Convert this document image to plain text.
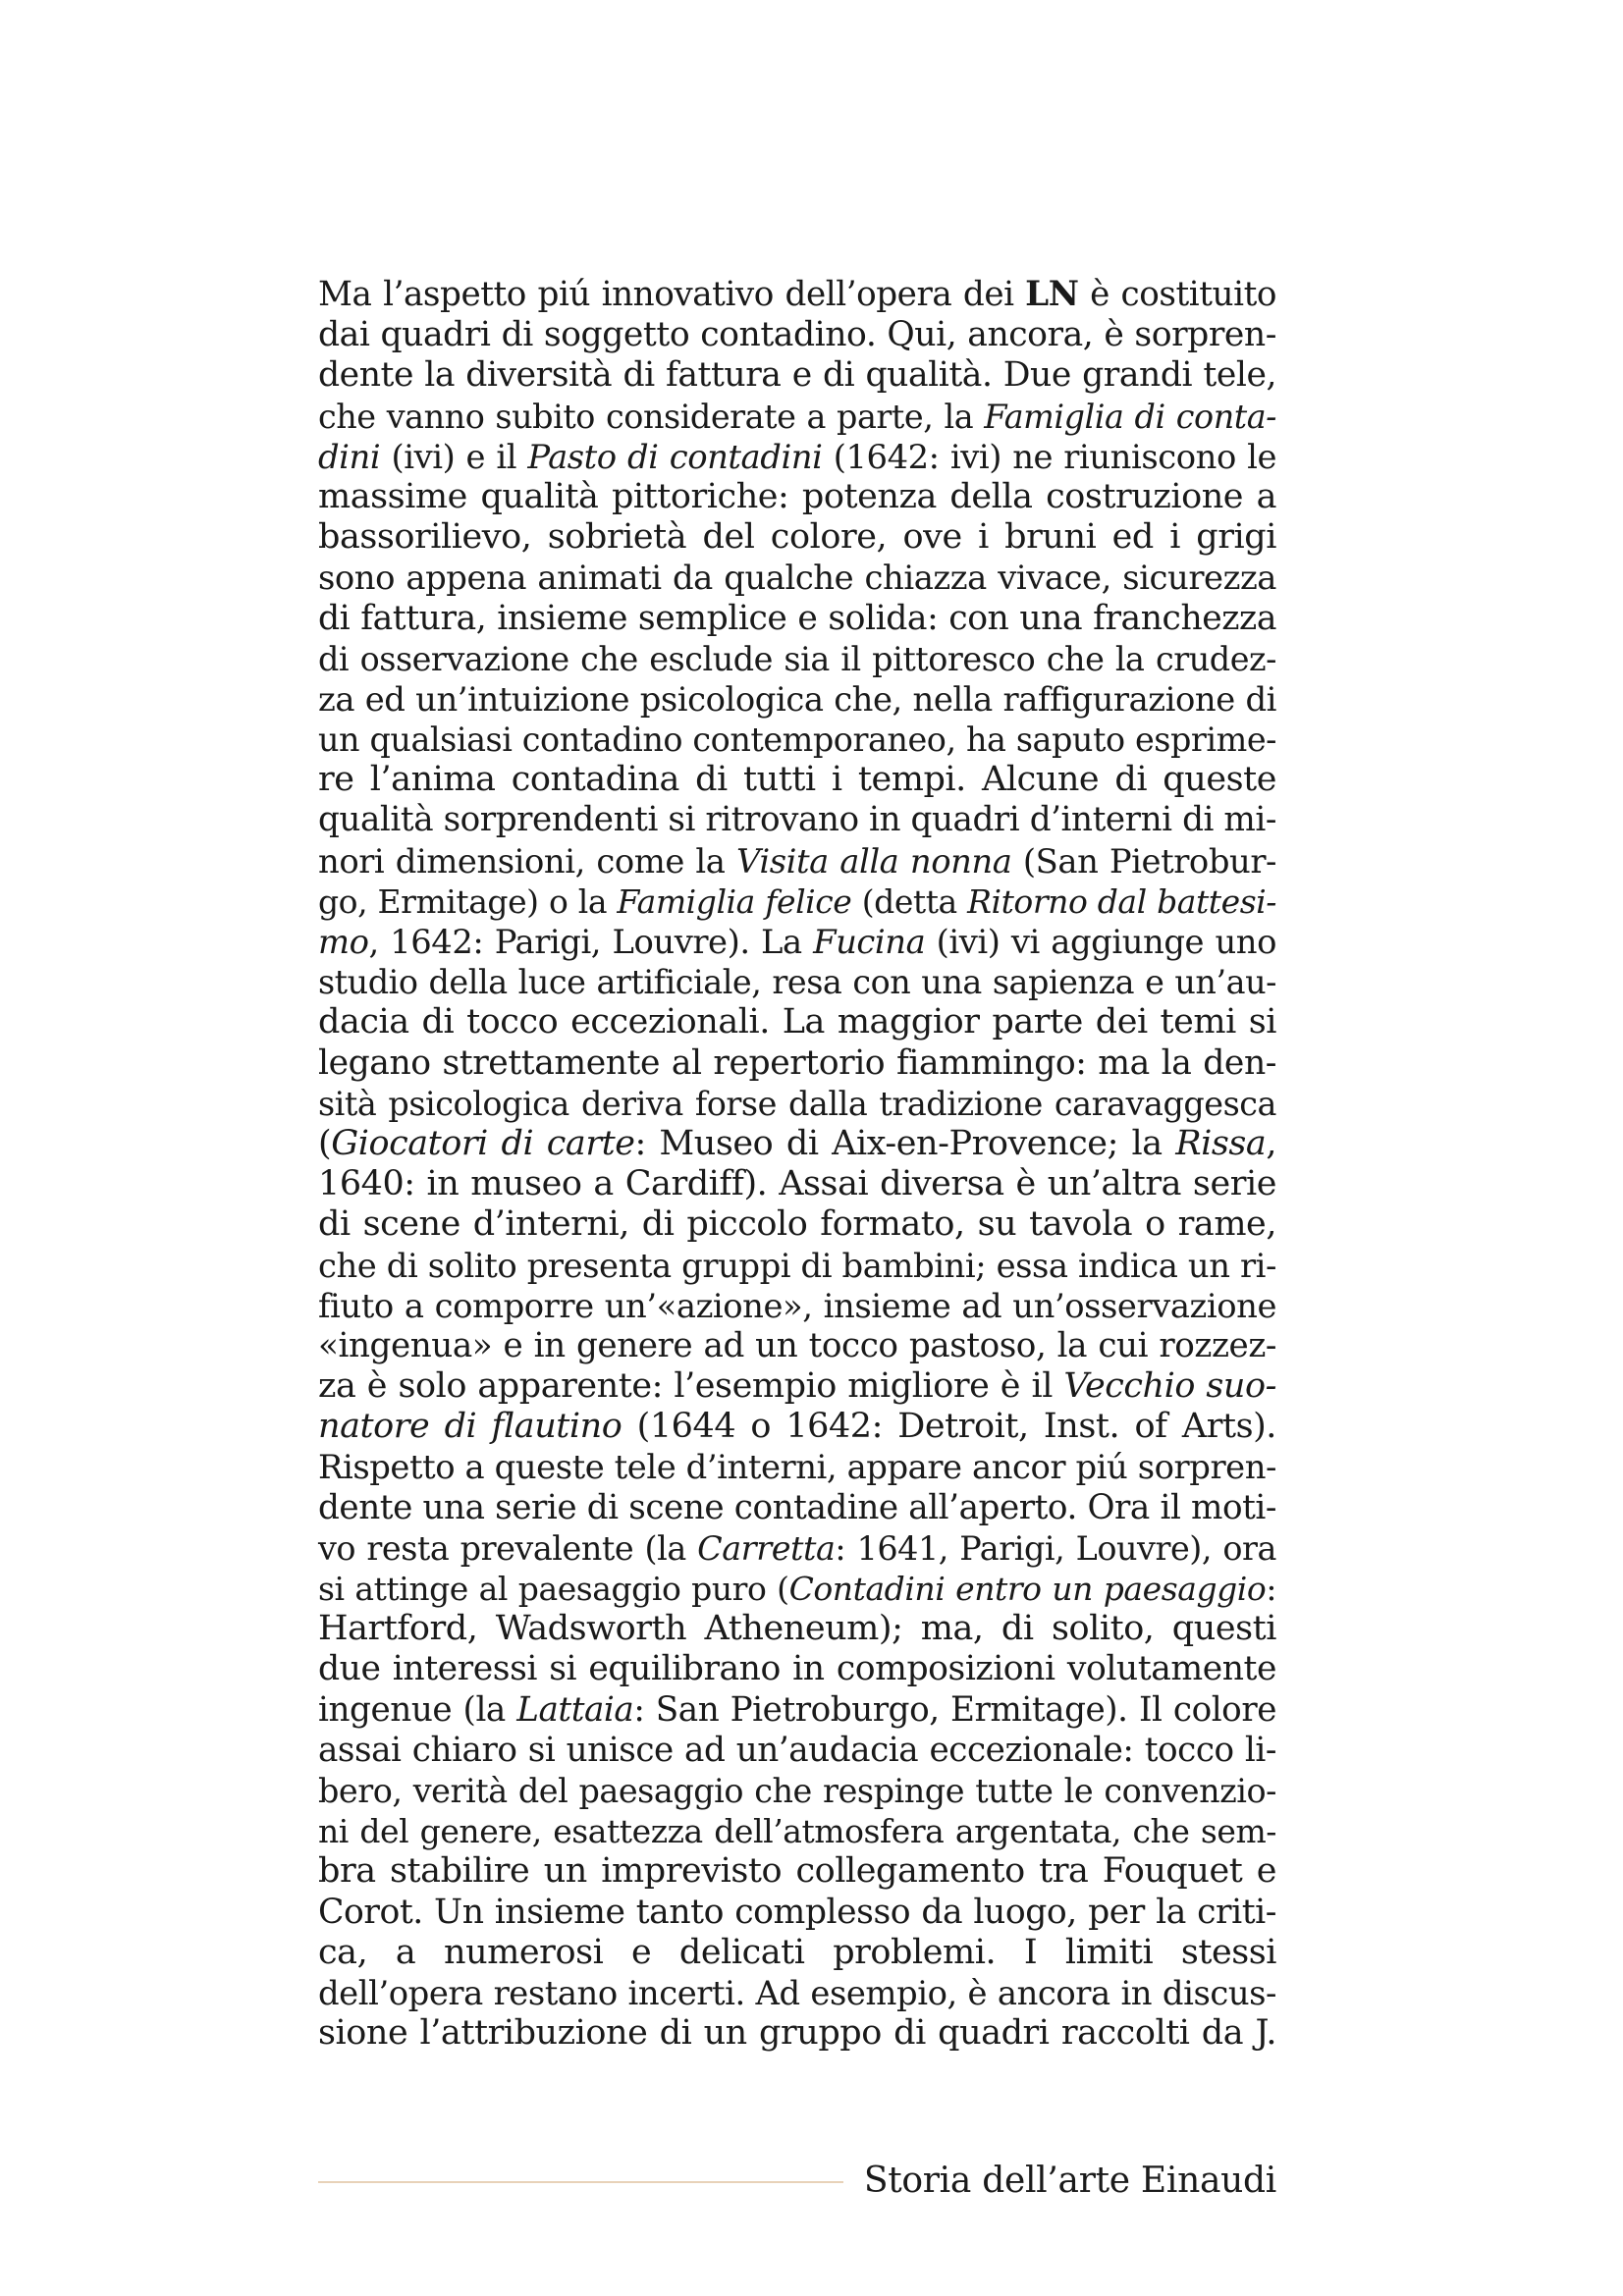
Ma l’aspetto piú innovativo dell’opera dei LN è costituito
dai quadri di soggetto contadino. Qui, ancora, è sorpren-
dente la diversità di fattura e di qualità. Due grandi tele,
che vanno subito considerate a parte, la Famiglia di conta-
dini (ivi) e il Pasto di contadini (1642: ivi) ne riuniscono le
massime qualità pittoriche: potenza della costruzione a
bassorilievo, sobrietà del colore, ove i bruni ed i grigi
sono appena animati da qualche chiazza vivace, sicurezza
di fattura, insieme semplice e solida: con una franchezza
di osservazione che esclude sia il pittoresco che la crudez-
za ed un’intuizione psicologica che, nella raffigurazione di
un qualsiasi contadino contemporaneo, ha saputo esprime-
re l’anima contadina di tutti i tempi. Alcune di queste
qualità sorprendenti si ritrovano in quadri d’interni di mi-
nori dimensioni, come la Visita alla nonna (San Pietrobur-
go, Ermitage) o la Famiglia felice (detta Ritorno dal battesi-
mo, 1642: Parigi, Louvre). La Fucina (ivi) vi aggiunge uno
studio della luce artificiale, resa con una sapienza e un’au-
dacia di tocco eccezionali. La maggior parte dei temi si
legano strettamente al repertorio fiammingo: ma la den-
sità psicologica deriva forse dalla tradizione caravaggesca
(Giocatori di carte: Museo di Aix-en-Provence; la Rissa,
1640: in museo a Cardiff). Assai diversa è un’altra serie
di scene d’interni, di piccolo formato, su tavola o rame,
che di solito presenta gruppi di bambini; essa indica un ri-
fiuto a comporre un’«azione», insieme ad un’osservazione
«ingenua» e in genere ad un tocco pastoso, la cui rozzez-
za è solo apparente: l’esempio migliore è il Vecchio suo-
natore di flautino (1644 o 1642: Detroit, Inst. of Arts).
Rispetto a queste tele d’interni, appare ancor piú sorpren-
dente una serie di scene contadine all’aperto. Ora il moti-
vo resta prevalente (la Carretta: 1641, Parigi, Louvre), ora
si attinge al paesaggio puro (Contadini entro un paesaggio:
Hartford, Wadsworth Atheneum); ma, di solito, questi
due interessi si equilibrano in composizioni volutamente
ingenue (la Lattaia: San Pietroburgo, Ermitage). Il colore
assai chiaro si unisce ad un’audacia eccezionale: tocco li-
bero, verità del paesaggio che respinge tutte le convenzio-
ni del genere, esattezza dell’atmosfera argentata, che sem-
bra stabilire un imprevisto collegamento tra Fouquet e
Corot. Un insieme tanto complesso da luogo, per la criti-
ca, a numerosi e delicati problemi. I limiti stessi
dell’opera restano incerti. Ad esempio, è ancora in discus-
sione l’attribuzione di un gruppo di quadri raccolti da J.
Storia dell’arte Einaudi
